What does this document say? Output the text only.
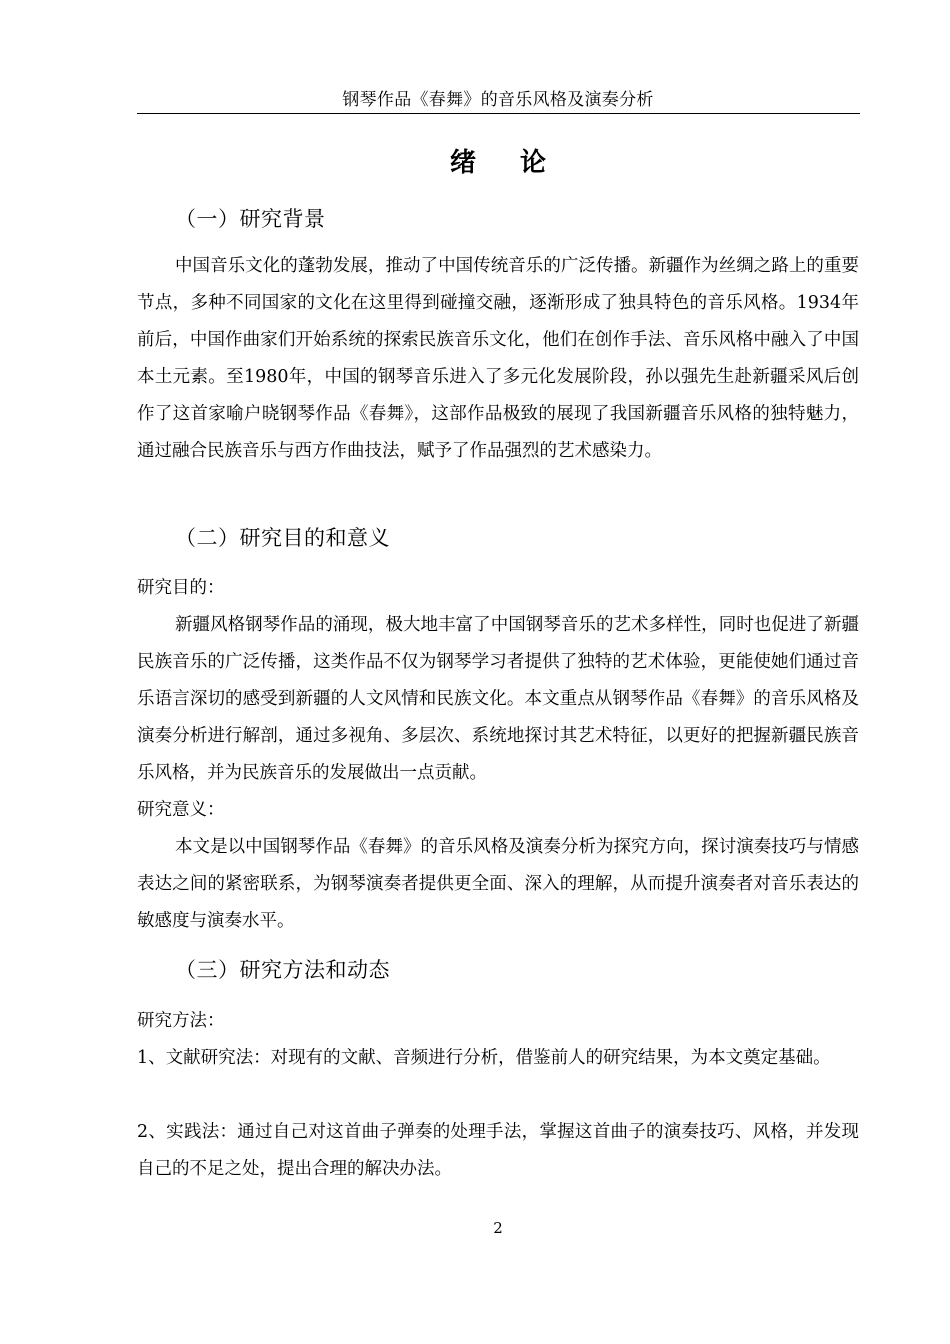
钢琴作品《春舞》的音乐风格及演奏分析
绪论
（一）研究背景

中国音乐文化的蓬勃发展，推动了中国传统音乐的广泛传播。新疆作为丝绸之路上的重要节点，多种不同国家的文化在这里得到碰撞交融，逐渐形成了独具特色的音乐风格。1934年前后，中国作曲家们开始系统的探索民族音乐文化，他们在创作手法、音乐风格中融入了中国本土元素。至1980年，中国的钢琴音乐进入了多元化发展阶段，孙以强先生赴新疆采风后创作了这首家喻户晓钢琴作品《春舞》，这部作品极致的展现了我国新疆音乐风格的独特魅力，通过融合民族音乐与西方作曲技法，赋予了作品强烈的艺术感染力。

（二）研究目的和意义

研究目的：

新疆风格钢琴作品的涌现，极大地丰富了中国钢琴音乐的艺术多样性，同时也促进了新疆民族音乐的广泛传播，这类作品不仅为钢琴学习者提供了独特的艺术体验，更能使她们通过音乐语言深切的感受到新疆的人文风情和民族文化。本文重点从钢琴作品《春舞》的音乐风格及演奏分析进行解剖，通过多视角、多层次、系统地探讨其艺术特征，以更好的把握新疆民族音乐风格，并为民族音乐的发展做出一点贡献。

研究意义：

本文是以中国钢琴作品《春舞》的音乐风格及演奏分析为探究方向，探讨演奏技巧与情感表达之间的紧密联系，为钢琴演奏者提供更全面、深入的理解，从而提升演奏者对音乐表达的敏感度与演奏水平。

（三）研究方法和动态

研究方法：

1、文献研究法：对现有的文献、音频进行分析，借鉴前人的研究结果，为本文奠定基础。

2、实践法：通过自己对这首曲子弹奏的处理手法，掌握这首曲子的演奏技巧、风格，并发现自己的不足之处，提出合理的解决办法。

2
